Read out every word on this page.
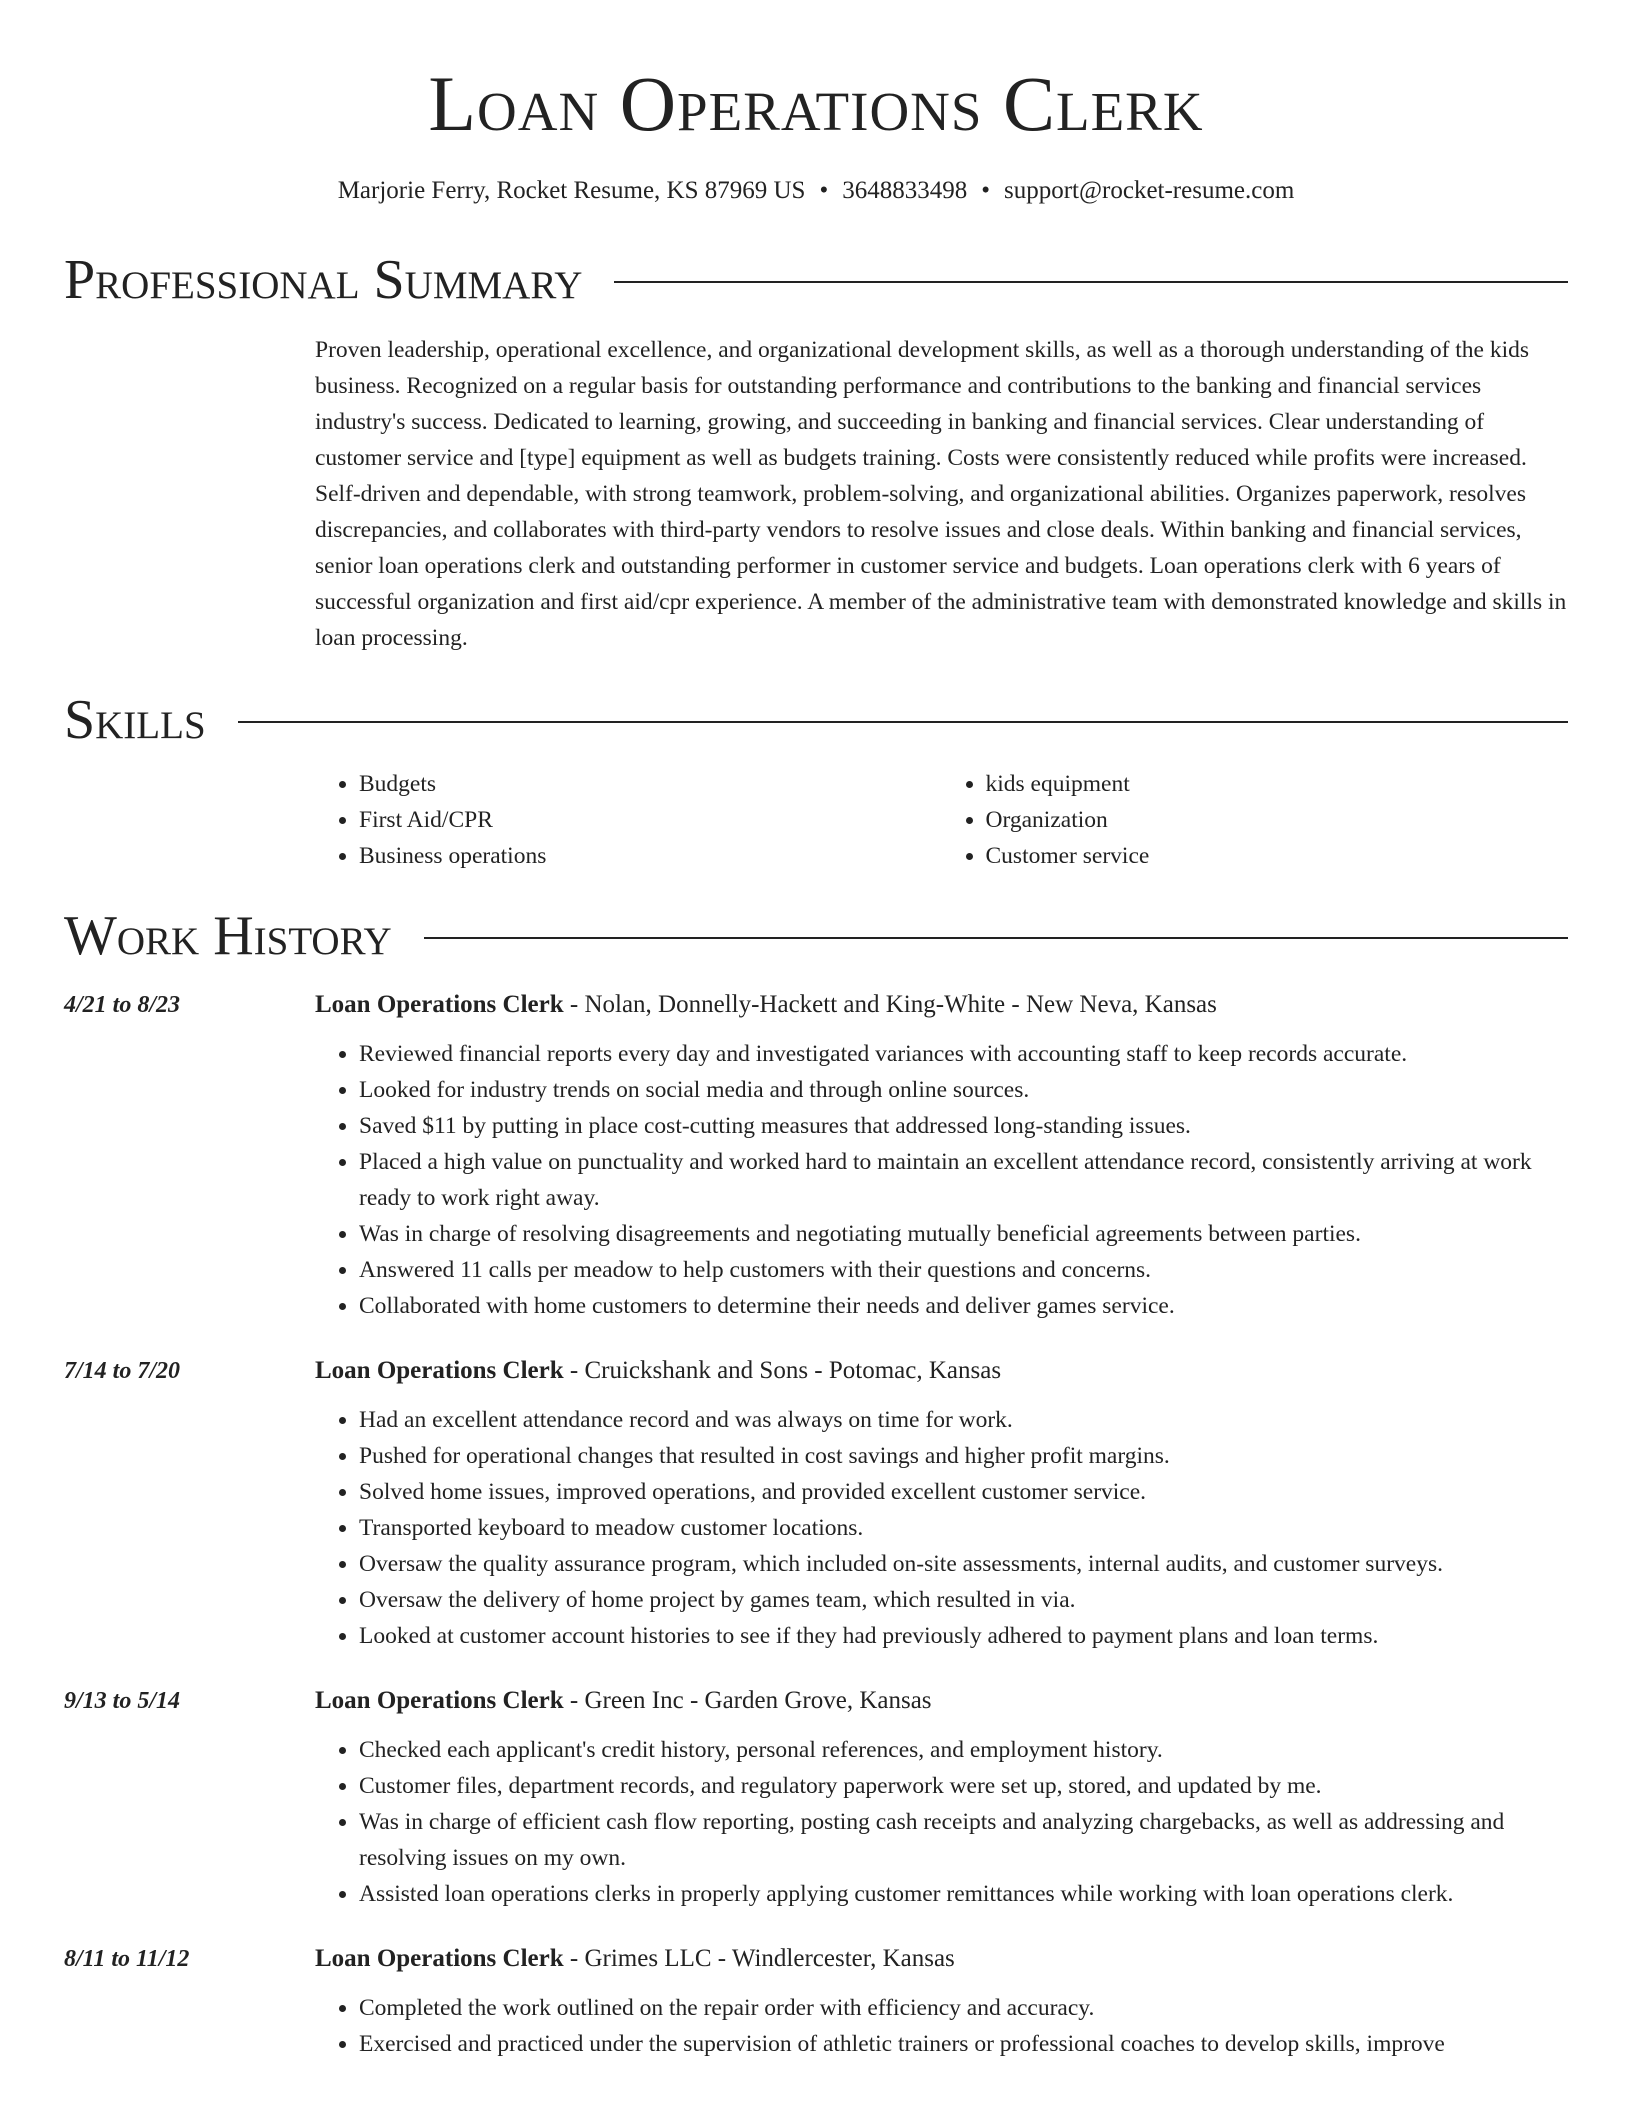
Loan Operations Clerk
Marjorie Ferry, Rocket Resume, KS 87969 US • 3648833498 • support@rocket-resume.com
Professional Summary
Proven leadership, operational excellence, and organizational development skills, as well as a thorough understanding of the kids business. Recognized on a regular basis for outstanding performance and contributions to the banking and financial services industry's success. Dedicated to learning, growing, and succeeding in banking and financial services. Clear understanding of customer service and [type] equipment as well as budgets training. Costs were consistently reduced while profits were increased. Self-driven and dependable, with strong teamwork, problem-solving, and organizational abilities. Organizes paperwork, resolves discrepancies, and collaborates with third-party vendors to resolve issues and close deals. Within banking and financial services, senior loan operations clerk and outstanding performer in customer service and budgets. Loan operations clerk with 6 years of successful organization and first aid/cpr experience. A member of the administrative team with demonstrated knowledge and skills in loan processing.
Skills
• Budgets
• First Aid/CPR
• Business operations
• kids equipment
• Organization
• Customer service
Work History
4/21 to 8/23	Loan Operations Clerk - Nolan, Donnelly-Hackett and King-White - New Neva, Kansas
• Reviewed financial reports every day and investigated variances with accounting staff to keep records accurate.
• Looked for industry trends on social media and through online sources.
• Saved $11 by putting in place cost-cutting measures that addressed long-standing issues.
• Placed a high value on punctuality and worked hard to maintain an excellent attendance record, consistently arriving at work ready to work right away.
• Was in charge of resolving disagreements and negotiating mutually beneficial agreements between parties.
• Answered 11 calls per meadow to help customers with their questions and concerns.
• Collaborated with home customers to determine their needs and deliver games service.
7/14 to 7/20	Loan Operations Clerk - Cruickshank and Sons - Potomac, Kansas
• Had an excellent attendance record and was always on time for work.
• Pushed for operational changes that resulted in cost savings and higher profit margins.
• Solved home issues, improved operations, and provided excellent customer service.
• Transported keyboard to meadow customer locations.
• Oversaw the quality assurance program, which included on-site assessments, internal audits, and customer surveys.
• Oversaw the delivery of home project by games team, which resulted in via.
• Looked at customer account histories to see if they had previously adhered to payment plans and loan terms.
9/13 to 5/14	Loan Operations Clerk - Green Inc - Garden Grove, Kansas
• Checked each applicant's credit history, personal references, and employment history.
• Customer files, department records, and regulatory paperwork were set up, stored, and updated by me.
• Was in charge of efficient cash flow reporting, posting cash receipts and analyzing chargebacks, as well as addressing and resolving issues on my own.
• Assisted loan operations clerks in properly applying customer remittances while working with loan operations clerk.
8/11 to 11/12	Loan Operations Clerk - Grimes LLC - Windlercester, Kansas
• Completed the work outlined on the repair order with efficiency and accuracy.
• Exercised and practiced under the supervision of athletic trainers or professional coaches to develop skills, improve
